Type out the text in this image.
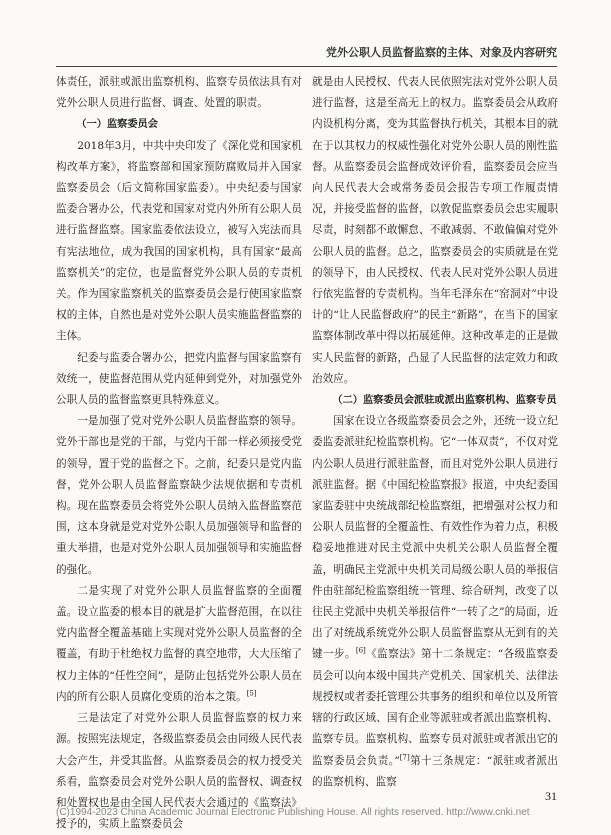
党外公职人员监督监察的主体、对象及内容研究

体责任，派驻或派出监察机构、监察专员依法具有对党外公职人员进行监督、调查、处置的职责。

（一）监察委员会

2018年3月，中共中央印发了《深化党和国家机构改革方案》，将监察部和国家预防腐败局并入国家监察委员会（后文简称国家监委）。中央纪委与国家监委合署办公，代表党和国家对党内外所有公职人员进行监督监察。国家监委依法设立，被写入宪法而具有宪法地位，成为我国的国家机构，具有国家“最高监察机关”的定位，也是监督党外公职人员的专责机关。作为国家监察机关的监察委员会是行使国家监察权的主体，自然也是对党外公职人员实施监督监察的主体。

纪委与监委合署办公，把党内监督与国家监察有效统一，使监督范围从党内延伸到党外，对加强党外公职人员的监督监察更具特殊意义。

一是加强了党对党外公职人员监督监察的领导。党外干部也是党的干部，与党内干部一样必须接受党的领导，置于党的监督之下。之前，纪委只是党内监督，党外公职人员监督监察缺少法规依据和专责机构。现在监察委员会将党外公职人员纳入监督监察范围，这本身就是党对党外公职人员加强领导和监督的重大举措，也是对党外公职人员加强领导和实施监督的强化。

二是实现了对党外公职人员监督监察的全面覆盖。设立监委的根本目的就是扩大监督范围，在以往党内监督全覆盖基础上实现对党外公职人员监督的全覆盖，有助于杜绝权力监督的真空地带，大大压缩了权力主体的“任性空间”，是防止包括党外公职人员在内的所有公职人员腐化变质的治本之策。[5]

三是法定了对党外公职人员监督监察的权力来源。按照宪法规定，各级监察委员会由同级人民代表大会产生，并受其监督。从监察委员会的权力授受关系看，监察委员会对党外公职人员的监督权、调查权和处置权也是由全国人民代表大会通过的《监察法》授予的，实质上监察委员会

就是由人民授权、代表人民依照宪法对党外公职人员进行监督，这是至高无上的权力。监察委员会从政府内设机构分离，变为其监督执行机关，其根本目的就在于以其权力的权威性强化对党外公职人员的刚性监督。从监察委员会监督成效评价看，监察委员会应当向人民代表大会或常务委员会报告专项工作履责情况，并接受监督的监督，以敦促监察委员会忠实履职尽责，时刻都不敢懈怠、不敢减弱、不敢偏偏对党外公职人员的监督。总之，监察委员会的实质就是在党的领导下，由人民授权、代表人民对党外公职人员进行依宪监督的专责机构。当年毛泽东在“窑洞对”中设计的“让人民监督政府”的民主“新路”，在当下的国家监察体制改革中得以拓展延伸。这种改革走的正是做实人民监督的新路，凸显了人民监督的法定效力和政治效应。

（二）监察委员会派驻或派出监察机构、监察专员

国家在设立各级监察委员会之外，还统一设立纪委监委派驻纪检监察机构。它“一体双责”，不仅对党内公职人员进行派驻监督，而且对党外公职人员进行派驻监督。据《中国纪检监察报》报道，中央纪委国家监委驻中央统战部纪检监察组，把增强对公权力和公职人员监督的全覆盖性、有效性作为着力点，积极稳妥地推进对民主党派中央机关公职人员监督全覆盖，明确民主党派中央机关司局级公职人员的举报信件由驻部纪检监察组统一管理、综合研判，改变了以往民主党派中央机关举报信件“一转了之”的局面，近出了对统战系统党外公职人员监督监察从无到有的关键一步。[6]《监察法》第十二条规定：“各级监察委员会可以向本级中国共产党机关、国家机关、法律法规授权或者委托管理公共事务的组织和单位以及所管辖的行政区域、国有企业等派驻或者派出监察机构、监察专员。监察机构、监察专员对派驻或者派出它的监察委员会负责。”[7]第十三条规定：“派驻或者派出的监察机构、监察

31
(C)1994-2023 China Academic Journal Electronic Publishing House. All rights reserved. http://www.cnki.net
